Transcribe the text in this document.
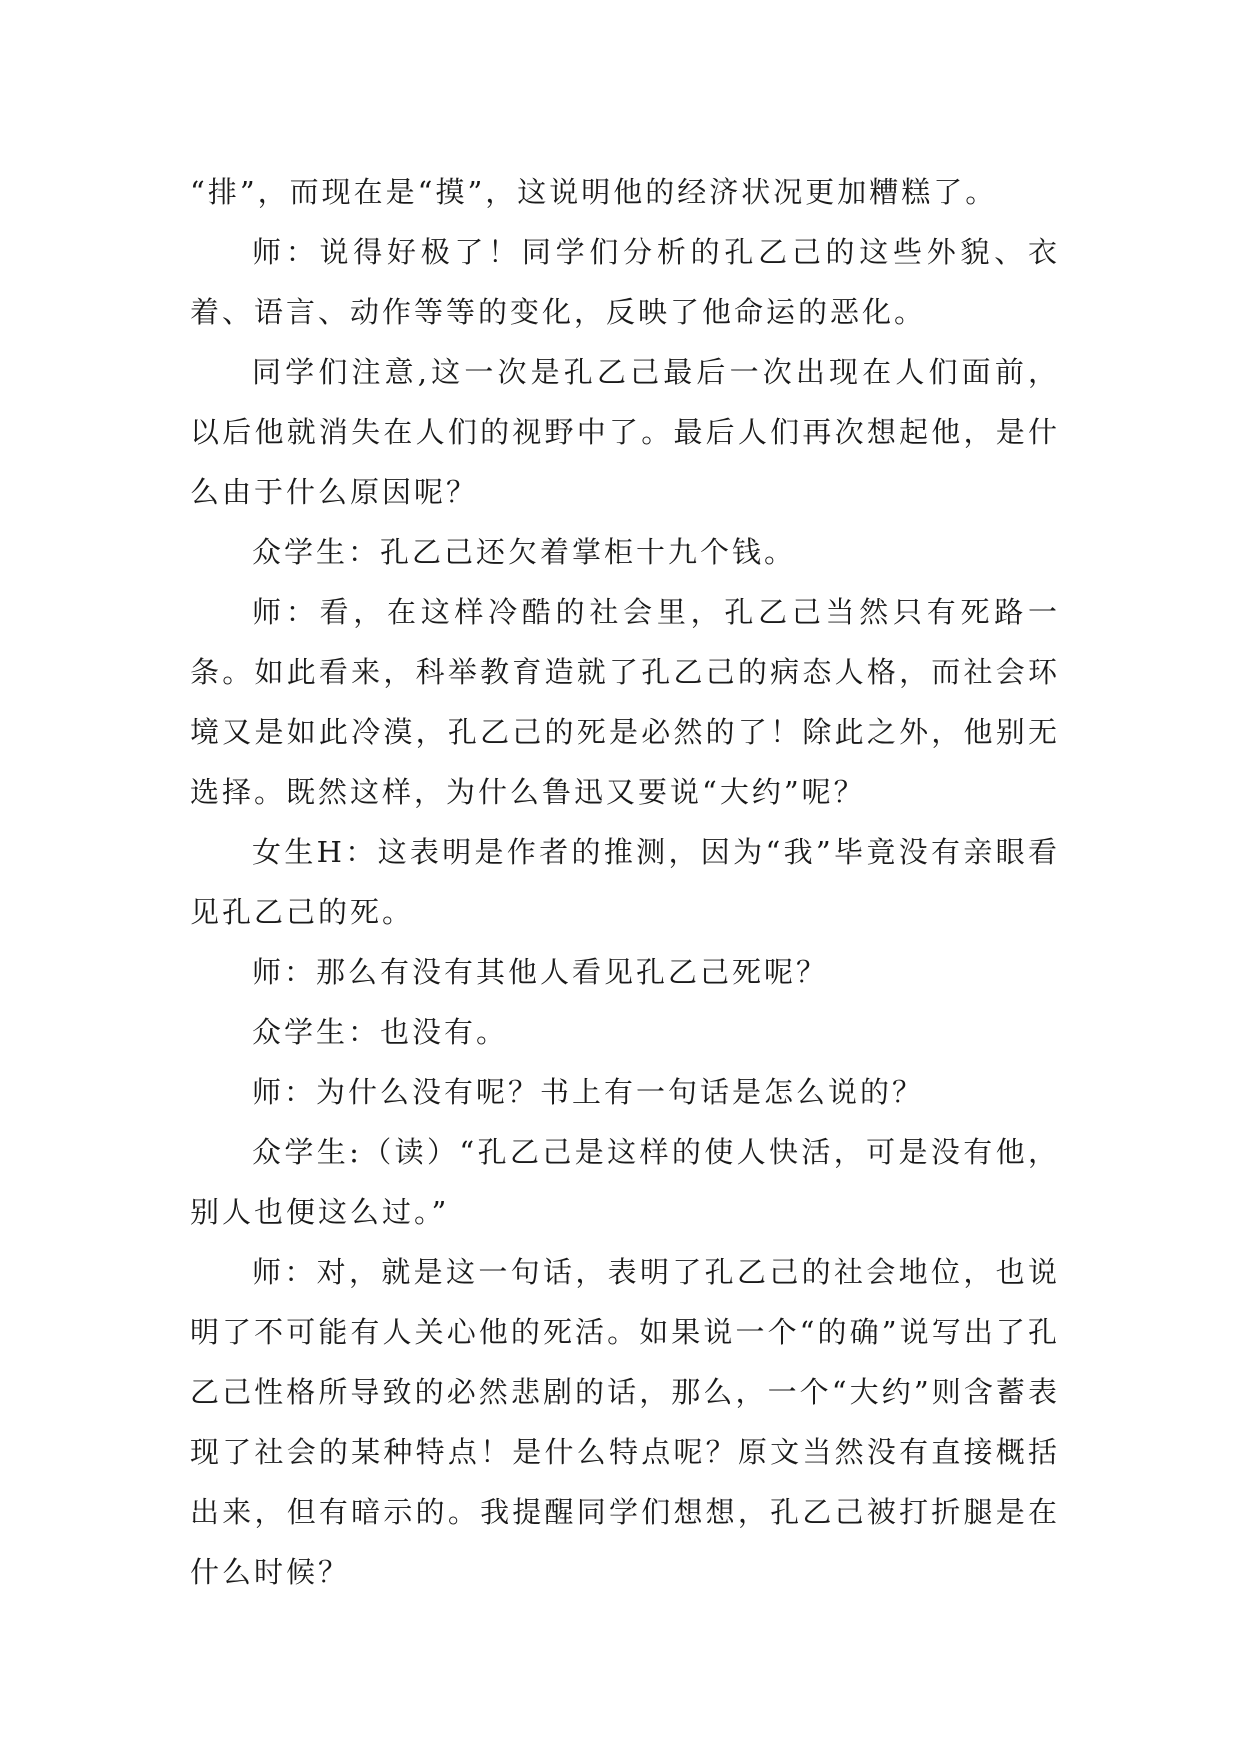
“排”，而现在是“摸”，这说明他的经济状况更加糟糕了。

师：说得好极了！同学们分析的孔乙己的这些外貌、衣着、语言、动作等等的变化，反映了他命运的恶化。

同学们注意,这一次是孔乙己最后一次出现在人们面前，以后他就消失在人们的视野中了。最后人们再次想起他，是什么由于什么原因呢？

众学生：孔乙己还欠着掌柜十九个钱。

师：看，在这样冷酷的社会里，孔乙己当然只有死路一条。如此看来，科举教育造就了孔乙己的病态人格，而社会环境又是如此冷漠，孔乙己的死是必然的了！除此之外，他别无选择。既然这样，为什么鲁迅又要说“大约”呢？

女生H：这表明是作者的推测，因为“我”毕竟没有亲眼看见孔乙己的死。

师：那么有没有其他人看见孔乙己死呢？

众学生：也没有。

师：为什么没有呢？书上有一句话是怎么说的？

众学生:（读）“孔乙己是这样的使人快活，可是没有他，别人也便这么过。”

师：对，就是这一句话，表明了孔乙己的社会地位，也说明了不可能有人关心他的死活。如果说一个“的确”说写出了孔乙己性格所导致的必然悲剧的话，那么，一个“大约”则含蓄表现了社会的某种特点！是什么特点呢？原文当然没有直接概括出来，但有暗示的。我提醒同学们想想，孔乙己被打折腿是在什么时候？
